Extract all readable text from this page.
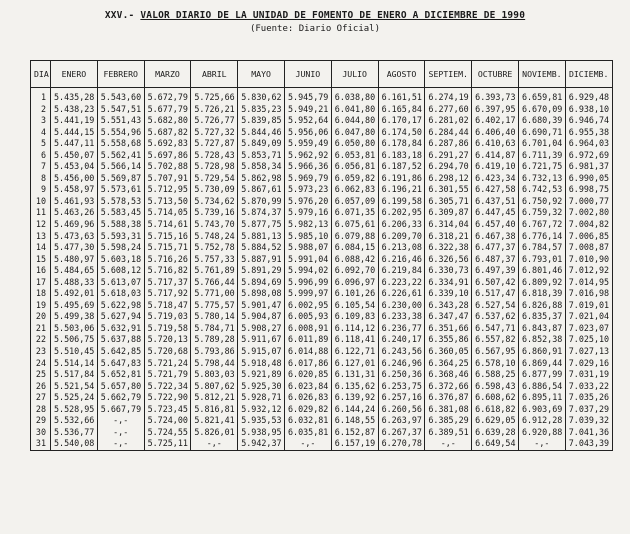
XXV.- VALOR DIARIO DE LA UNIDAD DE FOMENTO DE ENERO A DICIEMBRE DE 1990
(Fuente: Diario Oficial)
DIA	ENERO	FEBRERO	MARZO	ABRIL	MAYO	JUNIO	JULIO	AGOSTO	SEPTIEM.	OCTUBRE	NOVIEMB.	DICIEMB.
1	5.435,28	5.543,60	5.672,79	5.725,66	5.830,62	5.945,79	6.038,80	6.161,51	6.274,19	6.393,73	6.659,81	6.929,48
2	5.438,23	5.547,51	5.677,79	5.726,21	5.835,23	5.949,21	6.041,80	6.165,84	6.277,60	6.397,95	6.670,09	6.938,10
3	5.441,19	5.551,43	5.682,80	5.726,77	5.839,85	5.952,64	6.044,80	6.170,17	6.281,02	6.402,17	6.680,39	6.946,74
4	5.444,15	5.554,96	5.687,82	5.727,32	5.844,46	5.956,06	6.047,80	6.174,50	6.284,44	6.406,40	6.690,71	6.955,38
5	5.447,11	5.558,68	5.692,83	5.727,87	5.849,09	5.959,49	6.050,80	6.178,84	6.287,86	6.410,63	6.701,04	6.964,03
6	5.450,07	5.562,41	5.697,86	5.728,43	5.853,71	5.962,92	6.053,81	6.183,18	6.291,27	6.414,87	6.711,39	6.972,69
7	5.453,04	5.566,14	5.702,88	5.728,98	5.858,34	5.966,36	6.056,81	6.187,52	6.294,70	6.419,10	6.721,75	6.981,37
8	5.456,00	5.569,87	5.707,91	5.729,54	5.862,98	5.969,79	6.059,82	6.191,86	6.298,12	6.423,34	6.732,13	6.990,05
9	5.458,97	5.573,61	5.712,95	5.730,09	5.867,61	5.973,23	6.062,83	6.196,21	6.301,55	6.427,58	6.742,53	6.998,75
10	5.461,93	5.578,53	5.713,50	5.734,62	5.870,99	5.976,20	6.057,09	6.199,58	6.305,71	6.437,51	6.750,92	7.000,77
11	5.463,26	5.583,45	5.714,05	5.739,16	5.874,37	5.979,16	6.071,35	6.202,95	6.309,87	6.447,45	6.759,32	7.002,80
12	5.469,96	5.588,38	5.714,61	5.743,70	5.877,75	5.982,13	6.075,61	6.206,33	6.314,04	6.457,40	6.767,72	7.004,82
13	5.473,63	5.593,31	5.715,16	5.748,24	5.881,13	5.985,10	6.079,88	6.209,70	6.318,21	6.467,38	6.776,14	7.006,85
14	5.477,30	5.598,24	5.715,71	5.752,78	5.884,52	5.988,07	6.084,15	6.213,08	6.322,38	6.477,37	6.784,57	7.008,87
15	5.480,97	5.603,18	5.716,26	5.757,33	5.887,91	5.991,04	6.088,42	6.216,46	6.326,56	6.487,37	6.793,01	7.010,90
16	5.484,65	5.608,12	5.716,82	5.761,89	5.891,29	5.994,02	6.092,70	6.219,84	6.330,73	6.497,39	6.801,46	7.012,92
17	5.488,33	5.613,07	5.717,37	5.766,44	5.894,69	5.996,99	6.096,97	6.223,22	6.334,91	6.507,42	6.809,92	7.014,95
18	5.492,01	5.618,03	5.717,92	5.771,00	5.898,08	5.999,97	6.101,26	6.226,61	6.339,10	6.517,47	6.818,39	7.016,98
19	5.495,69	5.622,98	5.718,47	5.775,57	5.901,47	6.002,95	6.105,54	6.230,00	6.343,28	6.527,54	6.826,88	7.019,01
20	5.499,38	5.627,94	5.719,03	5.780,14	5.904,87	6.005,93	6.109,83	6.233,38	6.347,47	6.537,62	6.835,37	7.021,04
21	5.503,06	5.632,91	5.719,58	5.784,71	5.908,27	6.008,91	6.114,12	6.236,77	6.351,66	6.547,71	6.843,87	7.023,07
22	5.506,75	5.637,88	5.720,13	5.789,28	5.911,67	6.011,89	6.118,41	6.240,17	6.355,86	6.557,82	6.852,38	7.025,10
23	5.510,45	5.642,85	5.720,68	5.793,86	5.915,07	6.014,88	6.122,71	6.243,56	6.360,05	6.567,95	6.860,91	7.027,13
24	5.514,14	5.647,83	5.721,24	5.798,44	5.918,48	6.017,86	6.127,01	6.246,96	6.364,25	6.578,10	6.869,44	7.029,16
25	5.517,84	5.652,81	5.721,79	5.803,03	5.921,89	6.020,85	6.131,31	6.250,36	6.368,46	6.588,25	6.877,99	7.031,19
26	5.521,54	5.657,80	5.722,34	5.807,62	5.925,30	6.023,84	6.135,62	6.253,75	6.372,66	6.598,43	6.886,54	7.033,22
27	5.525,24	5.662,79	5.722,90	5.812,21	5.928,71	6.026,83	6.139,92	6.257,16	6.376,87	6.608,62	6.895,11	7.035,26
28	5.528,95	5.667,79	5.723,45	5.816,81	5.932,12	6.029,82	6.144,24	6.260,56	6.381,08	6.618,82	6.903,69	7.037,29
29	5.532,66	-,-	5.724,00	5.821,41	5.935,53	6.032,81	6.148,55	6.263,97	6.385,29	6.629,05	6.912,28	7.039,32
30	5.536,77	-,-	5.724,55	5.826,01	5.938,95	6.035,81	6.152,87	6.267,37	6.389,51	6.639,28	6.920,88	7.041,36
31	5.540,08	-,-	5.725,11	-,-	5.942,37	-,-	6.157,19	6.270,78	-,-	6.649,54	-,-	7.043,39
